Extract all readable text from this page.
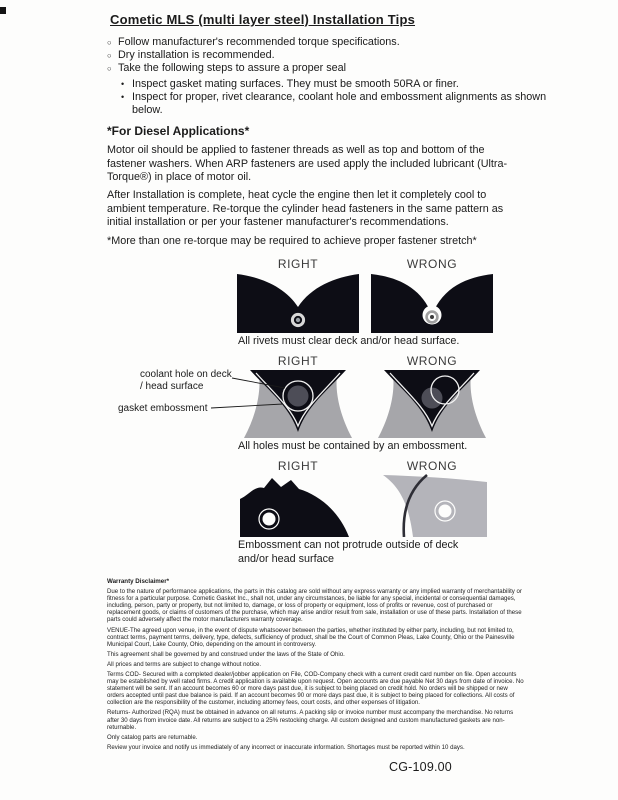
Cometic MLS (multi layer steel) Installation Tips
○ Follow manufacturer's recommended torque specifications.
○ Dry installation is recommended.
○ Take the following steps to assure a proper seal
• Inspect gasket mating surfaces. They must be smooth 50RA or finer.
• Inspect for proper, rivet clearance, coolant hole and embossment alignments as shown below.
*For Diesel Applications*

Motor oil should be applied to fastener threads as well as top and bottom of the fastener washers. When ARP fasteners are used apply the included lubricant (Ultra-Torque®) in place of motor oil.

After Installation is complete, heat cycle the engine then let it completely cool to ambient temperature. Re-torque the cylinder head fasteners in the same pattern as initial installation or per your fastener manufacturer's recommendations.

*More than one re-torque may be required to achieve proper fastener stretch*

RIGHT	WRONG

All rivets must clear deck and/or head surface.

RIGHT	WRONG
coolant hole on deck / head surface
gasket embossment

All holes must be contained by an embossment.

RIGHT	WRONG

Embossment can not protrude outside of deck and/or head surface

Warranty Disclaimer*

Due to the nature of performance applications, the parts in this catalog are sold without any express warranty or any implied warranty of merchantability or fitness for a particular purpose. Cometic Gasket Inc., shall not, under any circumstances, be liable for any special, incidental or consequential damages, including, person, party or property, but not limited to, damage, or loss of property or equipment, loss of profits or revenue, cost of purchased or replacement goods, or claims of customers of the purchase, which may arise and/or result from sale, installation or use of these parts. Installation of these parts could adversely affect the motor manufacturers warranty coverage.

VENUE-The agreed upon venue, in the event of dispute whatsoever between the parties, whether instituted by either party, including, but not limited to, contract terms, payment terms, delivery, type, defects, sufficiency of product, shall be the Court of Common Pleas, Lake County, Ohio or the Painesville Municipal Court, Lake County, Ohio, depending on the amount in controversy.

This agreement shall be governed by and construed under the laws of the State of Ohio.

All prices and terms are subject to change without notice.

Terms COD- Secured with a completed dealer/jobber application on File, COD-Company check with a current credit card number on file. Open accounts may be established by well rated firms. A credit application is available upon request. Open accounts are due payable Net 30 days from date of invoice. No statement will be sent. If an account becomes 60 or more days past due, it is subject to being placed on credit hold. No orders will be shipped or new orders accepted until past due balance is paid. If an account becomes 90 or more days past due, it is subject to being placed for collections. All costs of collection are the responsibility of the customer, including attorney fees, court costs, and other expenses of litigation.

Returns- Authorized (RQA) must be obtained in advance on all returns. A packing slip or invoice number must accompany the merchandise. No returns after 30 days from invoice date. All returns are subject to a 25% restocking charge. All custom designed and custom manufactured gaskets are non-returnable.

Only catalog parts are returnable.

Review your invoice and notify us immediately of any incorrect or inaccurate information. Shortages must be reported within 10 days.

CG-109.00
